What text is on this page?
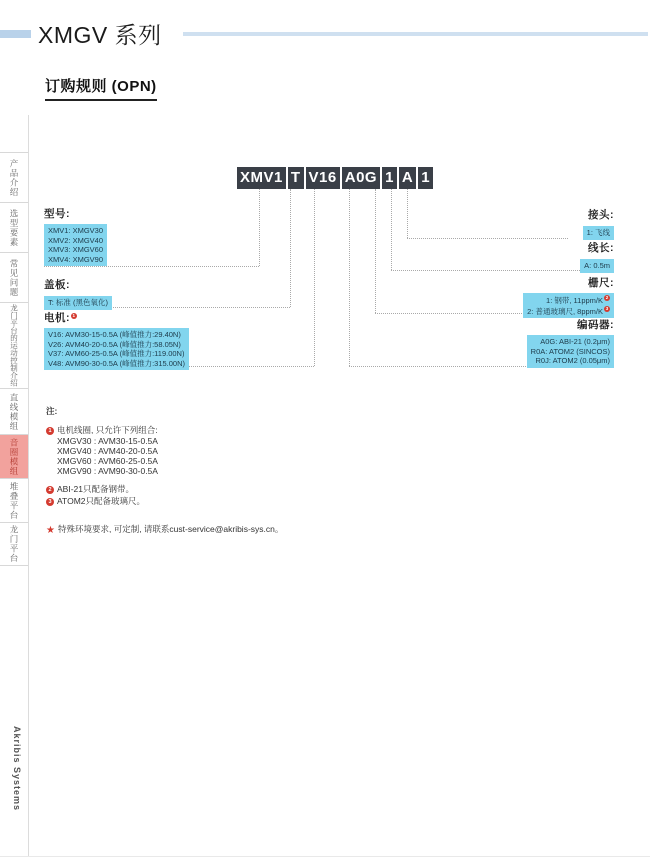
XMGV 系列
订购规则 (OPN)
产品介绍
选型要素
常见问题
龙门平台的运动控制介绍
直线模组
音圈模组
堆叠平台
龙门平台
Akribis Systems
XMV1 T V16 A0G 1 A 1
型号:
XMV1: XMGV30
XMV2: XMGV40
XMV3: XMGV60
XMV4: XMGV90
盖板:
T: 标准 (黑色氧化)
电机: 1
V16: AVM30-15-0.5A (峰值推力:29.40N)
V26: AVM40-20-0.5A (峰值推力:58.05N)
V37: AVM60-25-0.5A (峰值推力:119.00N)
V48: AVM90-30-0.5A (峰值推力:315.00N)
接头:
1: 飞线
线长:
A: 0.5m
栅尺:
1: 钢带, 11ppm/K 2
2: 普通玻璃尺, 8ppm/K 3
编码器:
A0G: ABI-21 (0.2μm)
R0A: ATOM2 (SINCOS)
R0J: ATOM2 (0.05μm)
注:
1 电机线圈, 只允许下列组合:
XMGV30 : AVM30-15-0.5A
XMGV40 : AVM40-20-0.5A
XMGV60 : AVM60-25-0.5A
XMGV90 : AVM90-30-0.5A
2 ABI-21只配备钢带。
3 ATOM2只配备玻璃尺。
★ 特殊环境要求, 可定制, 请联系cust-service@akribis-sys.cn。
